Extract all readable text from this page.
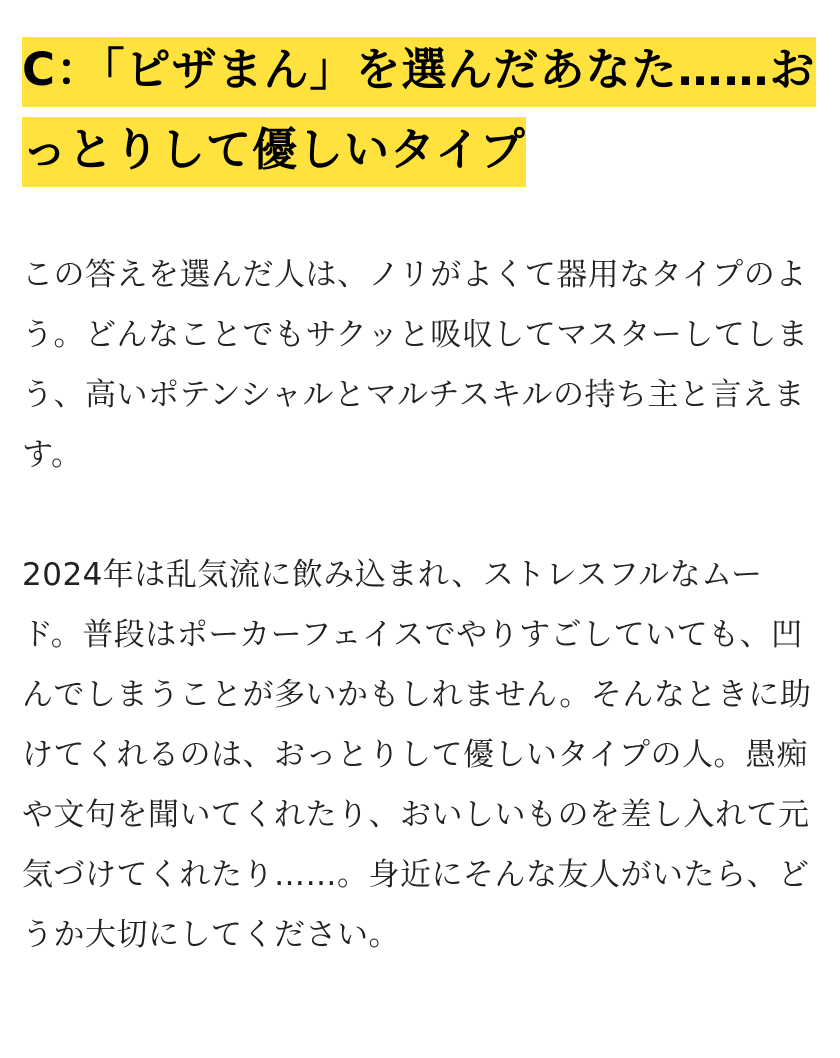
C：「ピザまん」を選んだあなた……おっとりして優しいタイプ

この答えを選んだ人は、ノリがよくて器用なタイプのよう。どんなことでもサクッと吸収してマスターしてしまう、高いポテンシャルとマルチスキルの持ち主と言えます。

2024年は乱気流に飲み込まれ、ストレスフルなムード。普段はポーカーフェイスでやりすごしていても、凹んでしまうことが多いかもしれません。そんなときに助けてくれるのは、おっとりして優しいタイプの人。愚痴や文句を聞いてくれたり、おいしいものを差し入れて元気づけてくれたり……。身近にそんな友人がいたら、どうか大切にしてください。
